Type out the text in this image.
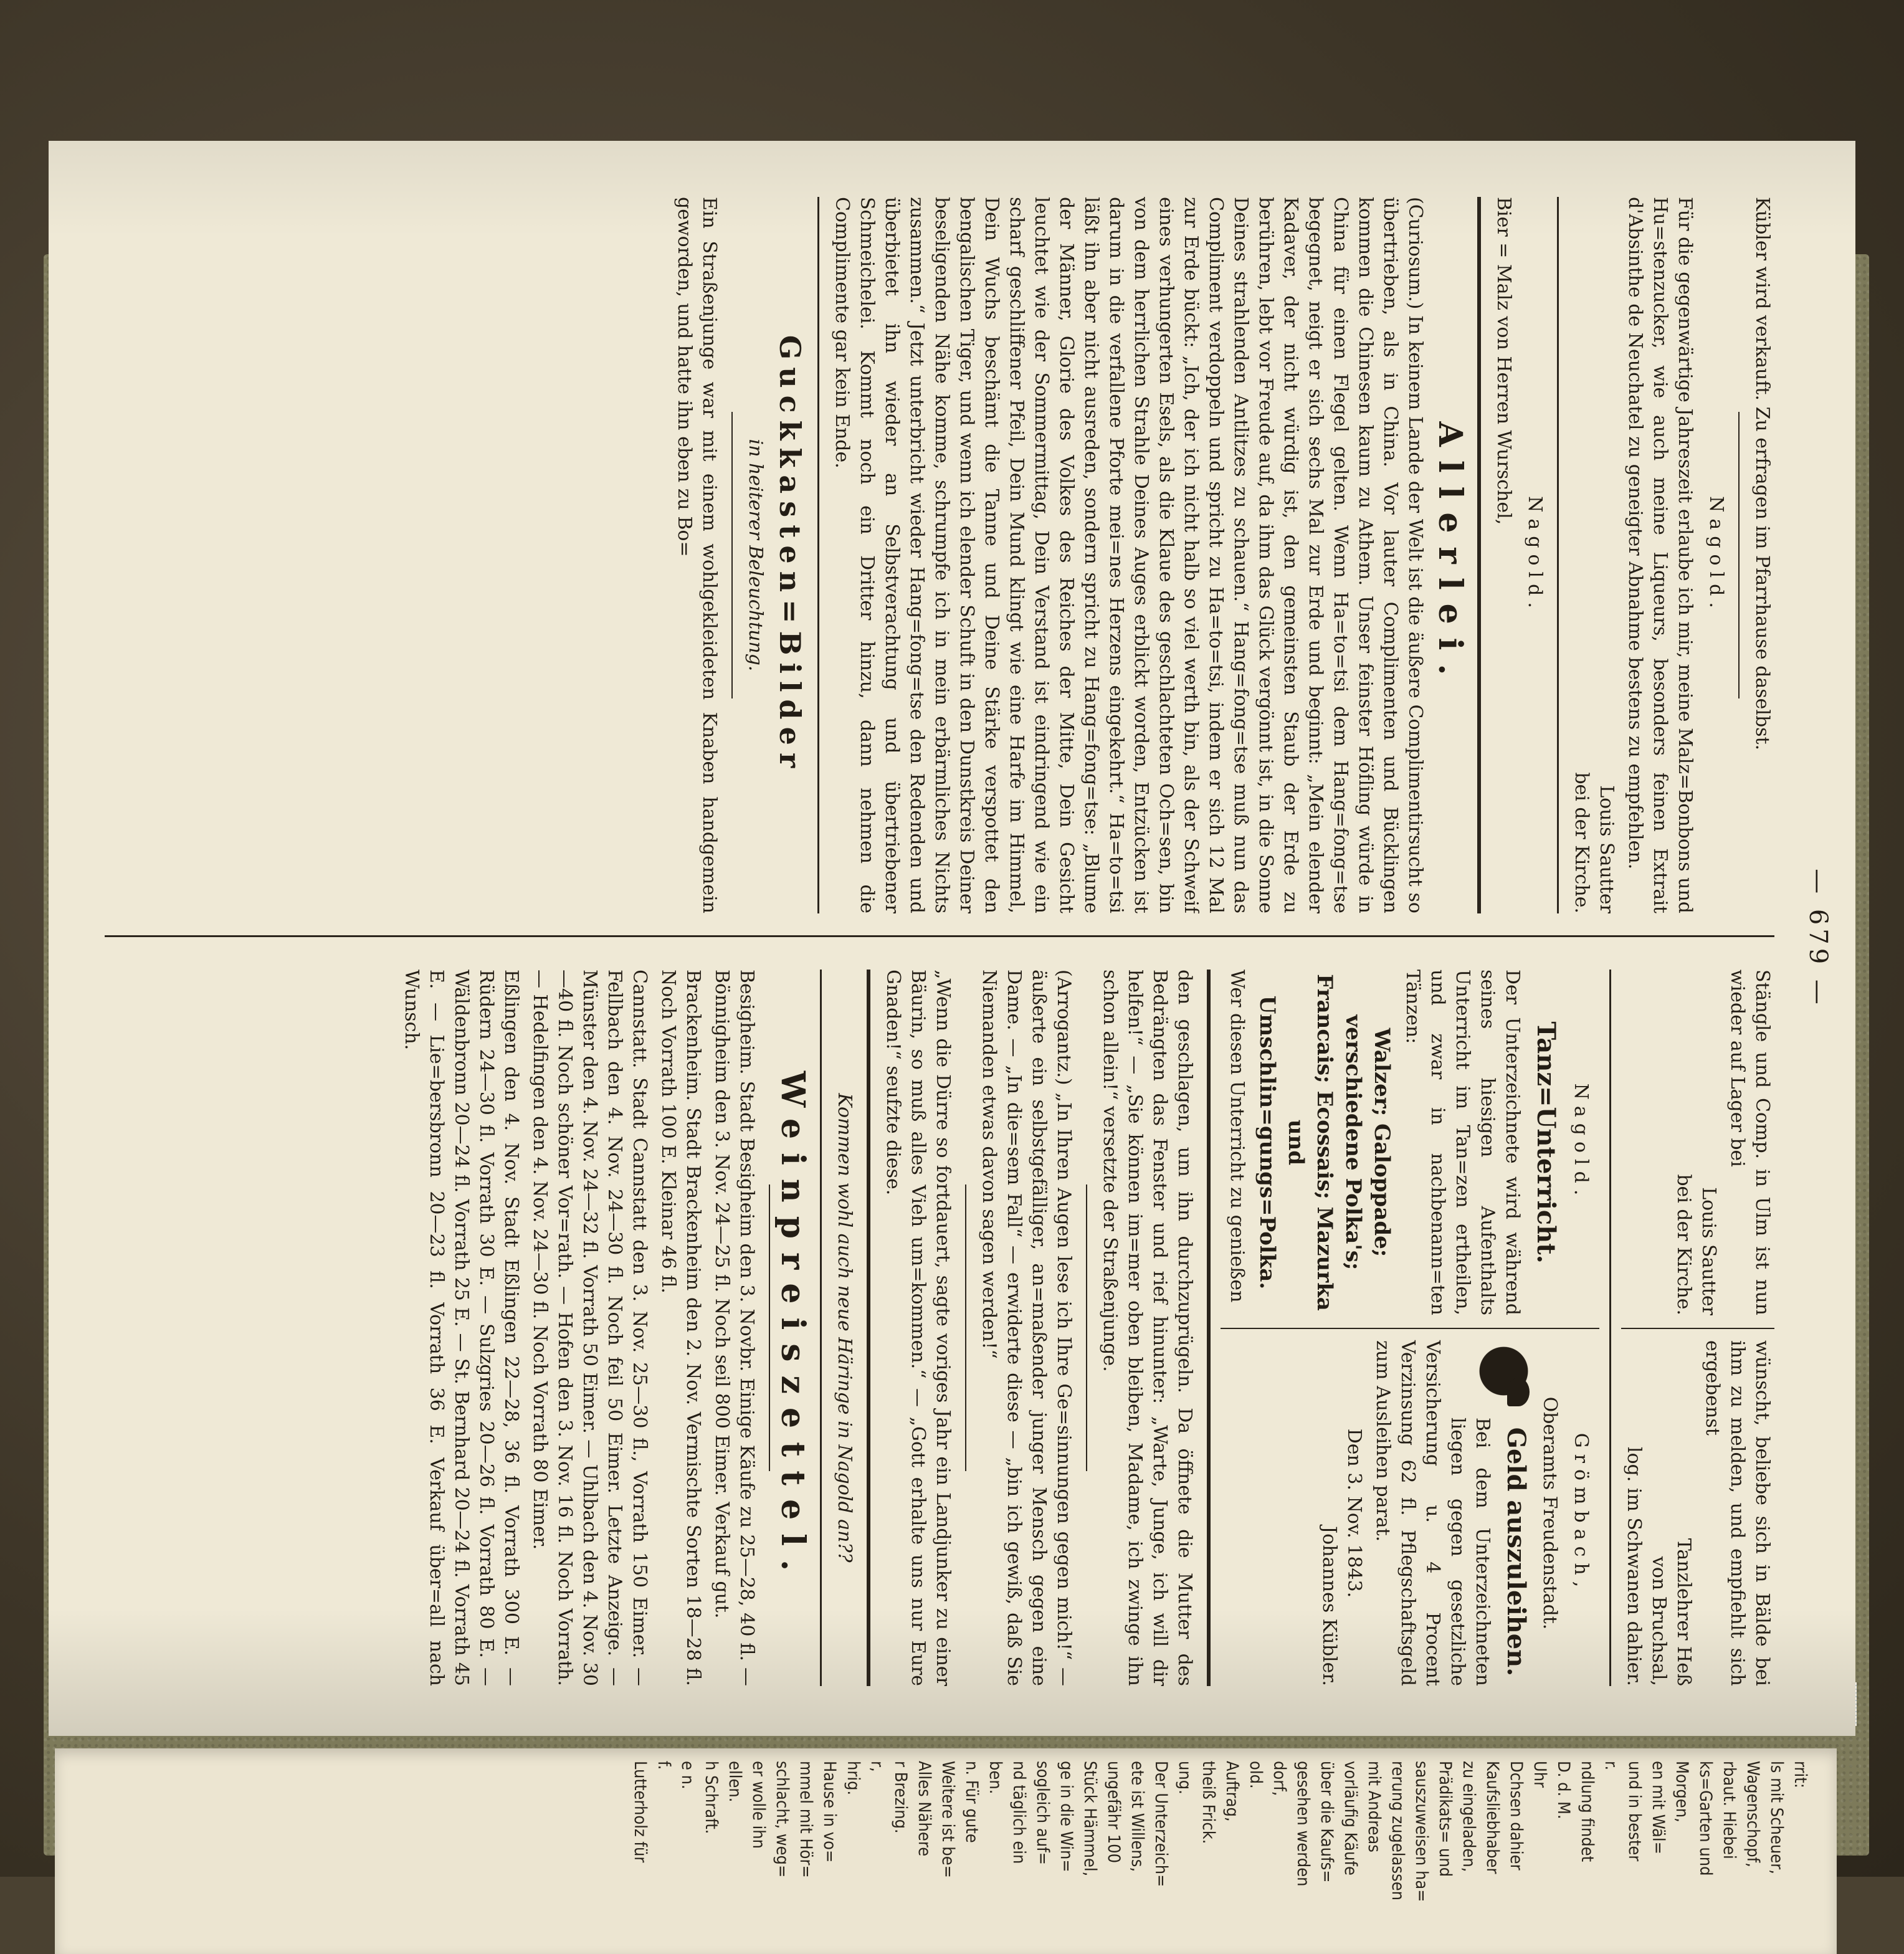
rrit:
ls mit Scheuer,
Wagenschopf,
rbaut. Hiebei
ks=Garten und
Morgen,
en mit Wäl=
und in bester
r.
ndlung findet
D. d. M.
Uhr
Dchsen dahier
Kaufsliebhaber
zu eingeladen,
Prädikats= und
sauszuweisen ha=
rerung zugelassen
mit Andreas
vorläufig Käufe
über die Kaufs=
gesehen werden
dorf,
old.
Auftrag,
theiß Frick.
ung.
Der Unterzeich=
ete ist Willens,
ungefähr 100
Stück Hämmel,
ge in die Win=
sogleich auf=
nd täglich ein
ben.
n. Für gute
Weitere ist be=
Alles Nähere
r Brezing.
r,
hrig.
Hause in vo=
mmel mit Hör=
schlacht, weg=
er wolle ihn
ellen.
h Schraft.
e n.
f.
Lutterholz für
— 679 —

Kübler wird verkauft. Zu erfragen im Pfarrhause daselbst.

Nagold.

Für die gegenwärtige Jahreszeit erlaube ich mir, meine Malz=Bonbons und Hu=stenzucker, wie auch meine Liqueurs, besonders feinen Extrait d'Absinthe de Neuchatel zu geneigter Abnahme bestens zu empfehlen.

Louis Sautter
bei der Kirche.
Nagold.

Bier = Malz von Herren Wurschel,

Allerlei.

(Curiosum.) In keinem Lande der Welt ist die äußere Complimentirsucht so übertrieben, als in China. Vor lauter Complimenten und Bücklingen kommen die Chinesen kaum zu Athem. Unser feinster Höfling würde in China für einen Flegel gelten. Wenn Ha=to=tsi dem Hang=fong=tse begegnet, neigt er sich sechs Mal zur Erde und beginnt: „Mein elender Kadaver, der nicht würdig ist, den gemeinsten Staub der Erde zu berühren, lebt vor Freude auf, da ihm das Glück vergönnt ist, in die Sonne Deines strahlenden Antlitzes zu schauen.“ Hang=fong=tse muß nun das Compliment verdoppeln und spricht zu Ha=to=tsi, indem er sich 12 Mal zur Erde bückt: „Ich, der ich nicht halb so viel werth bin, als der Schweif eines verhungerten Esels, als die Klaue des geschlachteten Och=sen, bin von dem herrlichen Strahle Deines Auges erblickt worden, Entzücken ist darum in die verfallene Pforte mei=nes Herzens eingekehrt.“ Ha=to=tsi läßt ihn aber nicht ausreden, sondern spricht zu Hang=fong=tse: „Blume der Männer, Glorie des Volkes des Reiches der Mitte, Dein Gesicht leuchtet wie der Sommermittag, Dein Verstand ist eindringend wie ein scharf geschliffener Pfeil, Dein Mund klingt wie eine Harfe im Himmel, Dein Wuchs beschämt die Tanne und Deine Stärke verspottet den bengalischen Tiger, und wenn ich elender Schuft in den Dunstkreis Deiner beseligenden Nähe komme, schrumpfe ich in mein erbärmliches Nichts zusammen.“ Jetzt unterbricht wieder Hang=fong=tse den Redenden und überbietet ihn wieder an Selbstverachtung und übertriebener Schmeichelei. Kommt noch ein Dritter hinzu, dann nehmen die Complimente gar kein Ende.

Guckkasten=Bilder
in heiterer Beleuchtung.

Ein Straßenjunge war mit einem wohlgekleideten Knaben handgemein geworden, und hatte ihn eben zu Bo=

Stängle und Comp. in Ulm ist nun wieder auf Lager bei

Louis Sautter
bei der Kirche.

wünscht, beliebe sich in Bälde bei ihm zu melden, und empfiehlt sich ergebenst

Tanzlehrer Heß
von Bruchsal,
log. im Schwanen dahier.
Nagold.
Tanz=Unterricht.

Der Unterzeichnete wird während seines hiesigen Aufenthalts Unterricht im Tan=zen ertheilen, und zwar in nachbenann=ten Tänzen:

Walzer; Galoppade; verschiedene Polka's; Francais; Ecossais; Mazurka und Umschlin=gungs=Polka.

Wer diesen Unterricht zu genießen

Grömbach,
Oberamts Freudenstadt.
Geld auszuleihen.

Bei dem Unterzeichneten liegen gegen gesetzliche Versicherung u. 4 Procent Verzinsung 62 fl. Pflegschaftsgeld zum Ausleihen parat.

Den 3. Nov. 1843.
Johannes Kübler.

den geschlagen, um ihn durchzuprügeln. Da öffnete die Mutter des Bedrängten das Fenster und rief hinunter: „Warte, Junge, ich will dir helfen!“ — „Sie können im=mer oben bleiben, Madame, ich zwinge ihn schon allein!“ versetzte der Straßenjunge.

(Arrogantz.) „In Ihren Augen lese ich Ihre Ge=sinnungen gegen mich!“ — äußerte ein selbstgefälliger, an=maßender junger Mensch gegen eine Dame. — „In die=sem Fall“ — erwiderte diese — „bin ich gewiß, daß Sie Niemanden etwas davon sagen werden!“

„Wenn die Dürre so fortdauert, sagte voriges Jahr ein Landjunker zu einer Bäurin, so muß alles Vieh um=kommen.“ — „Gott erhalte uns nur Eure Gnaden!“ seufzte diese.

Kommen wohl auch neue Häringe in Nagold an??

Weinpreiszettel.

Besigheim. Stadt Besigheim den 3. Novbr. Einige Käufe zu 25—28, 40 fl. — Bönnigheim den 3. Nov. 24—25 fl. Noch seil 800 Eimer. Verkauf gut.

Brackenheim. Stadt Brackenheim den 2. Nov. Vermischte Sorten 18—28 fl. Noch Vorrath 100 E. Kleinar 46 fl.

Cannstatt. Stadt Cannstatt den 3. Nov. 25—30 fl., Vorrath 150 Eimer. — Fellbach den 4. Nov. 24—30 fl. Noch feil 50 Eimer. Letzte Anzeige. — Münster den 4. Nov. 24—32 fl. Vorrath 50 Eimer. — Uhlbach den 4. Nov. 30—40 fl. Noch schöner Vor=rath. — Hofen den 3. Nov. 16 fl. Noch Vorrath. — Hedelfingen den 4. Nov. 24—30 fl. Noch Vorrath 80 Eimer.

Eßlingen den 4. Nov. Stadt Eßlingen 22—28, 36 fl. Vorrath 300 E. — Rüdern 24—30 fl. Vorrath 30 E. — Sulzgries 20—26 fl. Vorrath 80 E. — Wäldenbronn 20—24 fl. Vorrath 25 E. — St. Bernhard 20—24 fl. Vorrath 45 E. — Lie=bersbronn 20—23 fl. Vorrath 36 E. Verkauf über=all nach Wunsch.
